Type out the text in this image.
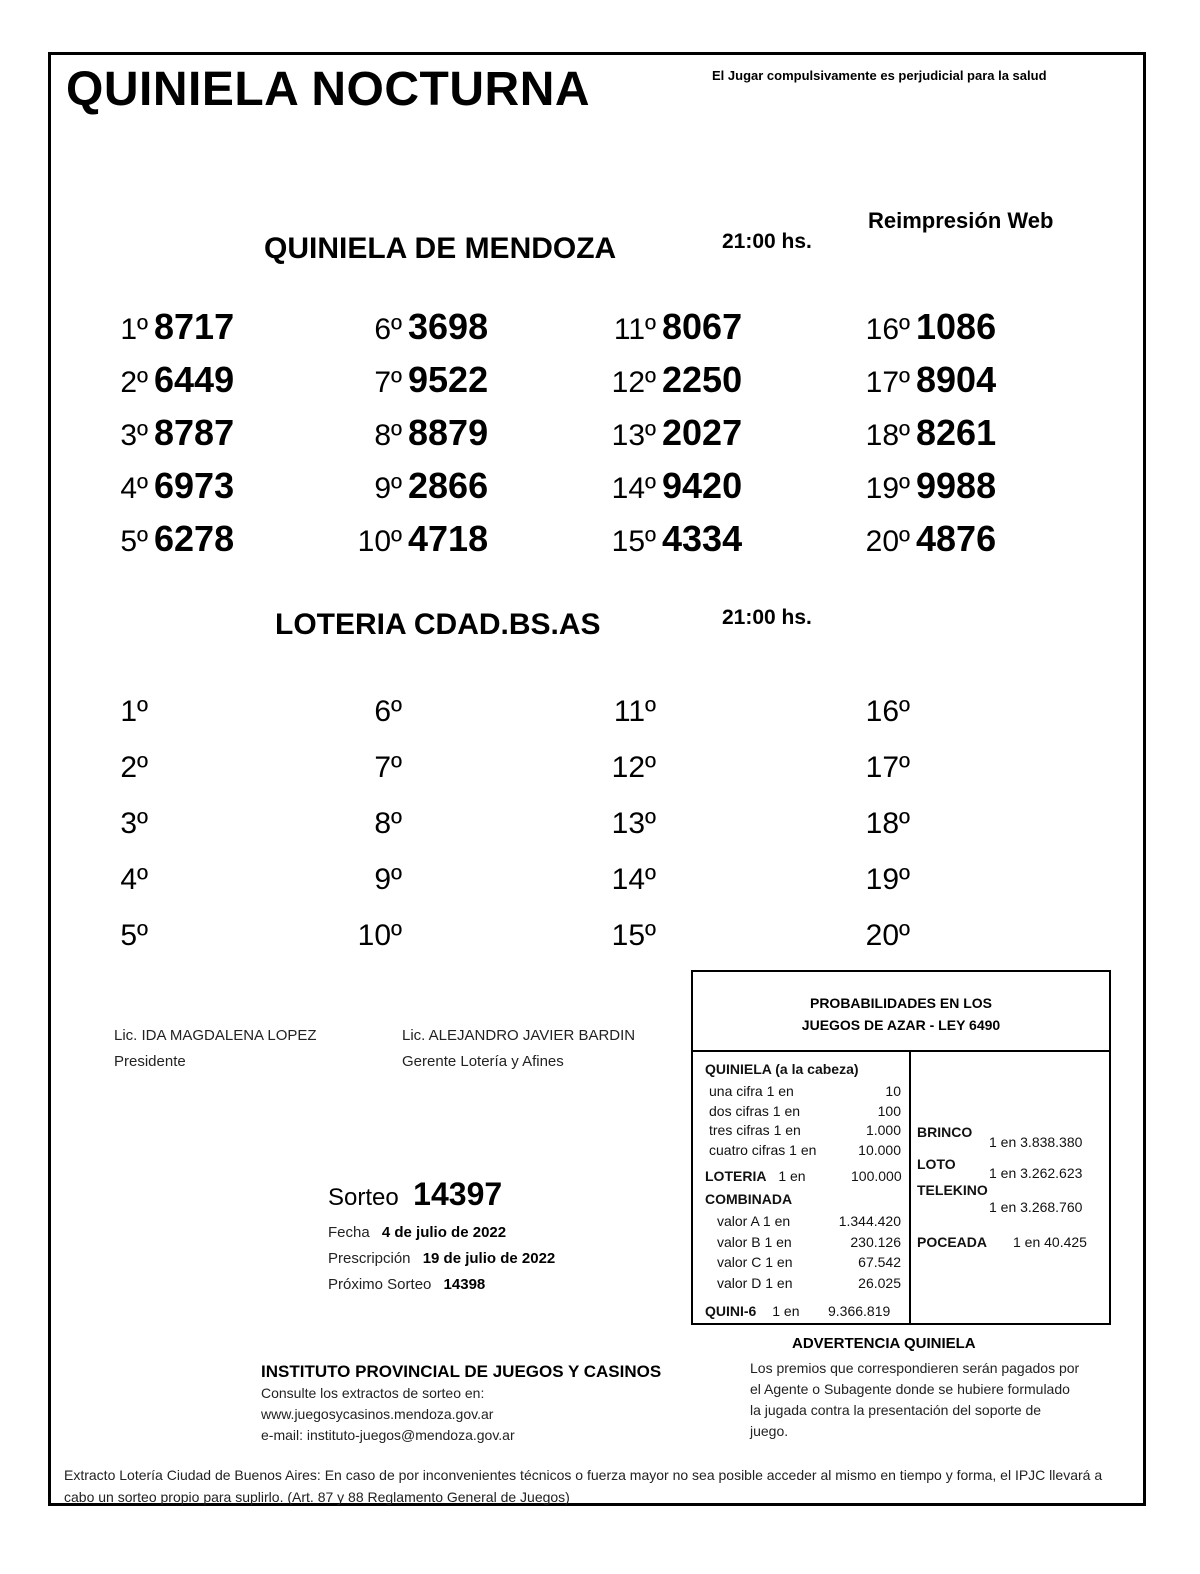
QUINIELA NOCTURNA	El Jugar compulsivamente es perjudicial para la salud
Reimpresión Web
QUINIELA DE MENDOZA	21:00 hs.
1º 8717
2º 6449
3º 8787
4º 6973
5º 6278
6º 3698
7º 9522
8º 8879
9º 2866
10º 4718
11º 8067
12º 2250
13º 2027
14º 9420
15º 4334
16º 1086
17º 8904
18º 8261
19º 9988
20º 4876
LOTERIA CDAD.BS.AS	21:00 hs.
1º
2º
3º
4º
5º
6º
7º
8º
9º
10º
11º
12º
13º
14º
15º
16º
17º
18º
19º
20º
Lic. IDA MAGDALENA LOPEZ
Presidente
Lic. ALEJANDRO JAVIER BARDIN
Gerente Lotería y Afines
Sorteo 14397
Fecha 4 de julio de 2022
Prescripción 19 de julio de 2022
Próximo Sorteo 14398
PROBABILIDADES EN LOS
JUEGOS DE AZAR - LEY 6490
QUINIELA (a la cabeza)
una cifra 1 en	10
dos cifras 1 en	100
tres cifras 1 en	1.000
cuatro cifras 1 en	10.000
LOTERIA 1 en	100.000
COMBINADA
valor A 1 en	1.344.420
valor B 1 en	230.126
valor C 1 en	67.542
valor D 1 en	26.025
QUINI-6 1 en 9.366.819
BRINCO
1 en 3.838.380
LOTO
1 en 3.262.623
TELEKINO
1 en 3.268.760
POCEADA 1 en 40.425
ADVERTENCIA QUINIELA
Los premios que correspondieren serán pagados por el Agente o Subagente donde se hubiere formulado la jugada contra la presentación del soporte de juego.
INSTITUTO PROVINCIAL DE JUEGOS Y CASINOS
Consulte los extractos de sorteo en:
www.juegosycasinos.mendoza.gov.ar
e-mail: instituto-juegos@mendoza.gov.ar
Extracto Lotería Ciudad de Buenos Aires: En caso de por inconvenientes técnicos o fuerza mayor no sea posible acceder al mismo en tiempo y forma, el IPJC llevará a cabo un sorteo propio para suplirlo. (Art. 87 y 88 Reglamento General de Juegos)
